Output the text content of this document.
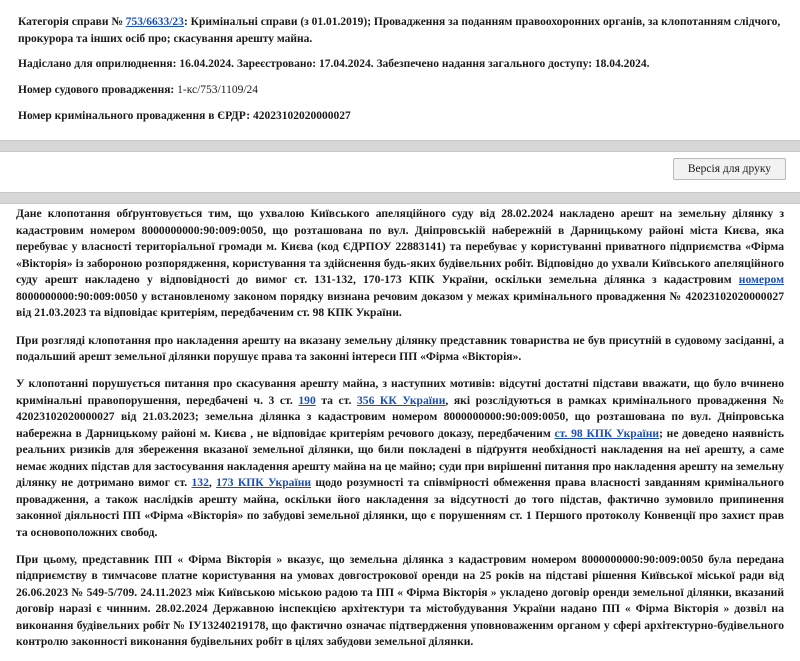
Категорія справи № 753/6633/23: Кримінальні справи (з 01.01.2019); Провадження за поданням правоохоронних органів, за клопотанням слідчого, прокурора та інших осіб про; скасування арешту майна.
Надіслано для оприлюднення: 16.04.2024. Зареєстровано: 17.04.2024. Забезпечено надання загального доступу: 18.04.2024.
Номер судового провадження: 1-кс/753/1109/24
Номер кримінального провадження в ЄРДР: 42023102020000027
Версія для друку

Дане клопотання обґрунтовується тим, що ухвалою Київського апеляційного суду від 28.02.2024 накладено арешт на земельну ділянку з кадастровим номером 8000000000:90:009:0050, що розташована по вул. Дніпровській набережній в Дарницькому районі міста Києва, яка перебуває у власності територіальної громади м. Києва (код ЄДРПОУ 22883141) та перебуває у користуванні приватного підприємства «Фірма «Вікторія» із забороною розпорядження, користування та здійснення будь-яких будівельних робіт. Відповідно до ухвали Київського апеляційного суду арешт накладено у відповідності до вимог ст. 131-132, 170-173 КПК України, оскільки земельна ділянка з кадастровим номером 8000000000:90:009:0050 у встановленому законом порядку визнана речовим доказом у межах кримінального провадження № 42023102020000027 від 21.03.2023 та відповідає критеріям, передбаченим ст. 98 КПК України.

При розгляді клопотання про накладення арешту на вказану земельну ділянку представник товариства не був присутній в судовому засіданні, а подальший арешт земельної ділянки порушує права та законні інтереси ПП «Фірма «Вікторія».

У клопотанні порушується питання про скасування арешту майна, з наступних мотивів: відсутні достатні підстави вважати, що було вчинено кримінальні правопорушення, передбачені ч. 3 ст. 190 та ст. 356 КК України, які розслідуються в рамках кримінального провадження № 42023102020000027 від 21.03.2023; земельна ділянка з кадастровим номером 8000000000:90:009:0050, що розташована по вул. Дніпровська набережна в Дарницькому районі м. Києва , не відповідає критеріям речового доказу, передбаченим ст. 98 КПК України; не доведено наявність реальних ризиків для збереження вказаної земельної ділянки, що били покладені в підґрунтя необхідності накладення на неї арешту, а саме немає жодних підстав для застосування накладення арешту майна на це майно; суди при вирішенні питання про накладення арешту на земельну ділянку не дотримано вимог ст. 132, 173 КПК України щодо розумності та співмірності обмеження права власності завданням кримінального провадження, а також наслідків арешту майна, оскільки його накладення за відсутності до того підстав, фактично зумовило припинення законної діяльності ПП «Фірма «Вікторія» по забудові земельної ділянки, що є порушенням ст. 1 Першого протоколу Конвенції про захист прав та основоположних свобод.

При цьому, представник ПП « Фірма Вікторія » вказує, що земельна ділянка з кадастровим номером 8000000000:90:009:0050 була передана підприємству в тимчасове платне користування на умовах довгострокової оренди на 25 років на підставі рішення Київської міської ради від 26.06.2023 № 549-5/709. 24.11.2023 між Київською міською радою та ПП « Фірма Вікторія » укладено договір оренди земельної ділянки, вказаний договір наразі є чинним. 28.02.2024 Державною інспекцією архітектури та містобудування України надано ПП « Фірма Вікторія » дозвіл на виконання будівельних робіт № ІУ13240219178, що фактично означає підтвердження уповноваженим органом у сфері архітектурно-будівельного контролю законності виконання будівельних робіт в цілях забудови земельної ділянки.
